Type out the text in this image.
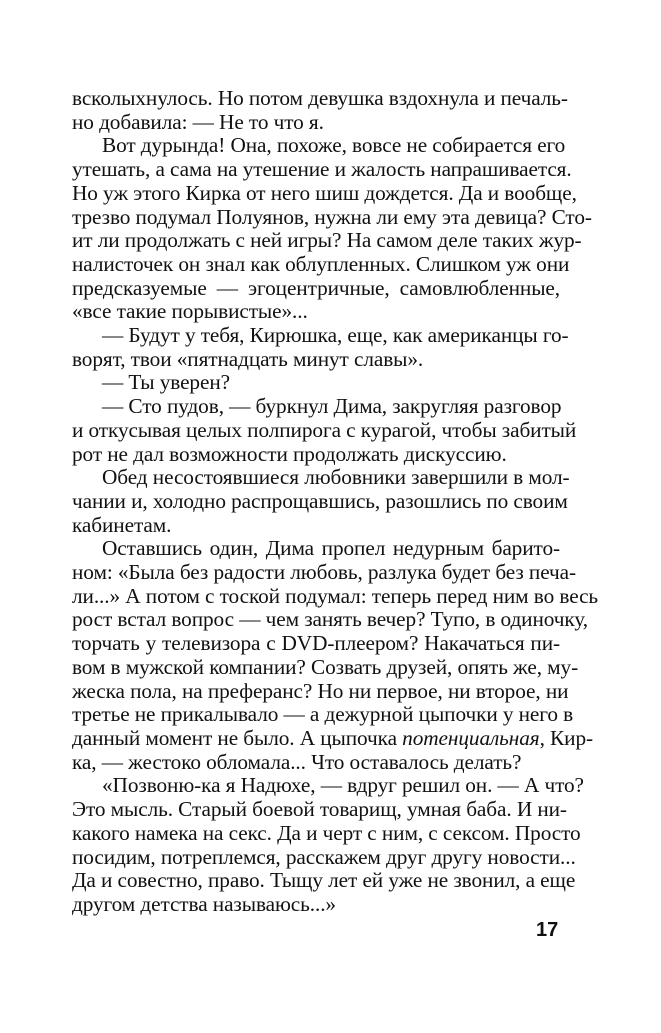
всколыхнулось. Но потом девушка вздохнула и печаль-
но добавила: — Не то что я.

Вот дурында! Она, похоже, вовсе не собирается его
утешать, а сама на утешение и жалость напрашивается.
Но уж этого Кирка от него шиш дождется. Да и вообще,
трезво подумал Полуянов, нужна ли ему эта девица? Сто-
ит ли продолжать с ней игры? На самом деле таких жур-
налисточек он знал как облупленных. Слишком уж они
предсказуемые — эгоцентричные, самовлюбленные,
«все такие порывистые»...

— Будут у тебя, Кирюшка, еще, как американцы го-
ворят, твои «пятнадцать минут славы».

— Ты уверен?

— Сто пудов, — буркнул Дима, закругляя разговор
и откусывая целых полпирога с курагой, чтобы забитый
рот не дал возможности продолжать дискуссию.

Обед несостоявшиеся любовники завершили в мол-
чании и, холодно распрощавшись, разошлись по своим
кабинетам.

Оставшись один, Дима пропел недурным барито-
ном: «Была без радости любовь, разлука будет без печа-
ли...» А потом с тоской подумал: теперь перед ним во весь
рост встал вопрос — чем занять вечер? Тупо, в одиночку,
торчать у телевизора с DVD-плеером? Накачаться пи-
вом в мужской компании? Созвать друзей, опять же, му-
жеска пола, на преферанс? Но ни первое, ни второе, ни
третье не прикалывало — а дежурной цыпочки у него в
данный момент не было. А цыпочка потенциальная, Кир-
ка, — жестоко обломала... Что оставалось делать?

«Позвоню-ка я Надюхе, — вдруг решил он. — А что?
Это мысль. Старый боевой товарищ, умная баба. И ни-
какого намека на секс. Да и черт с ним, с сексом. Просто
посидим, потреплемся, расскажем друг другу новости...
Да и совестно, право. Тыщу лет ей уже не звонил, а еще
другом детства называюсь...»

17
